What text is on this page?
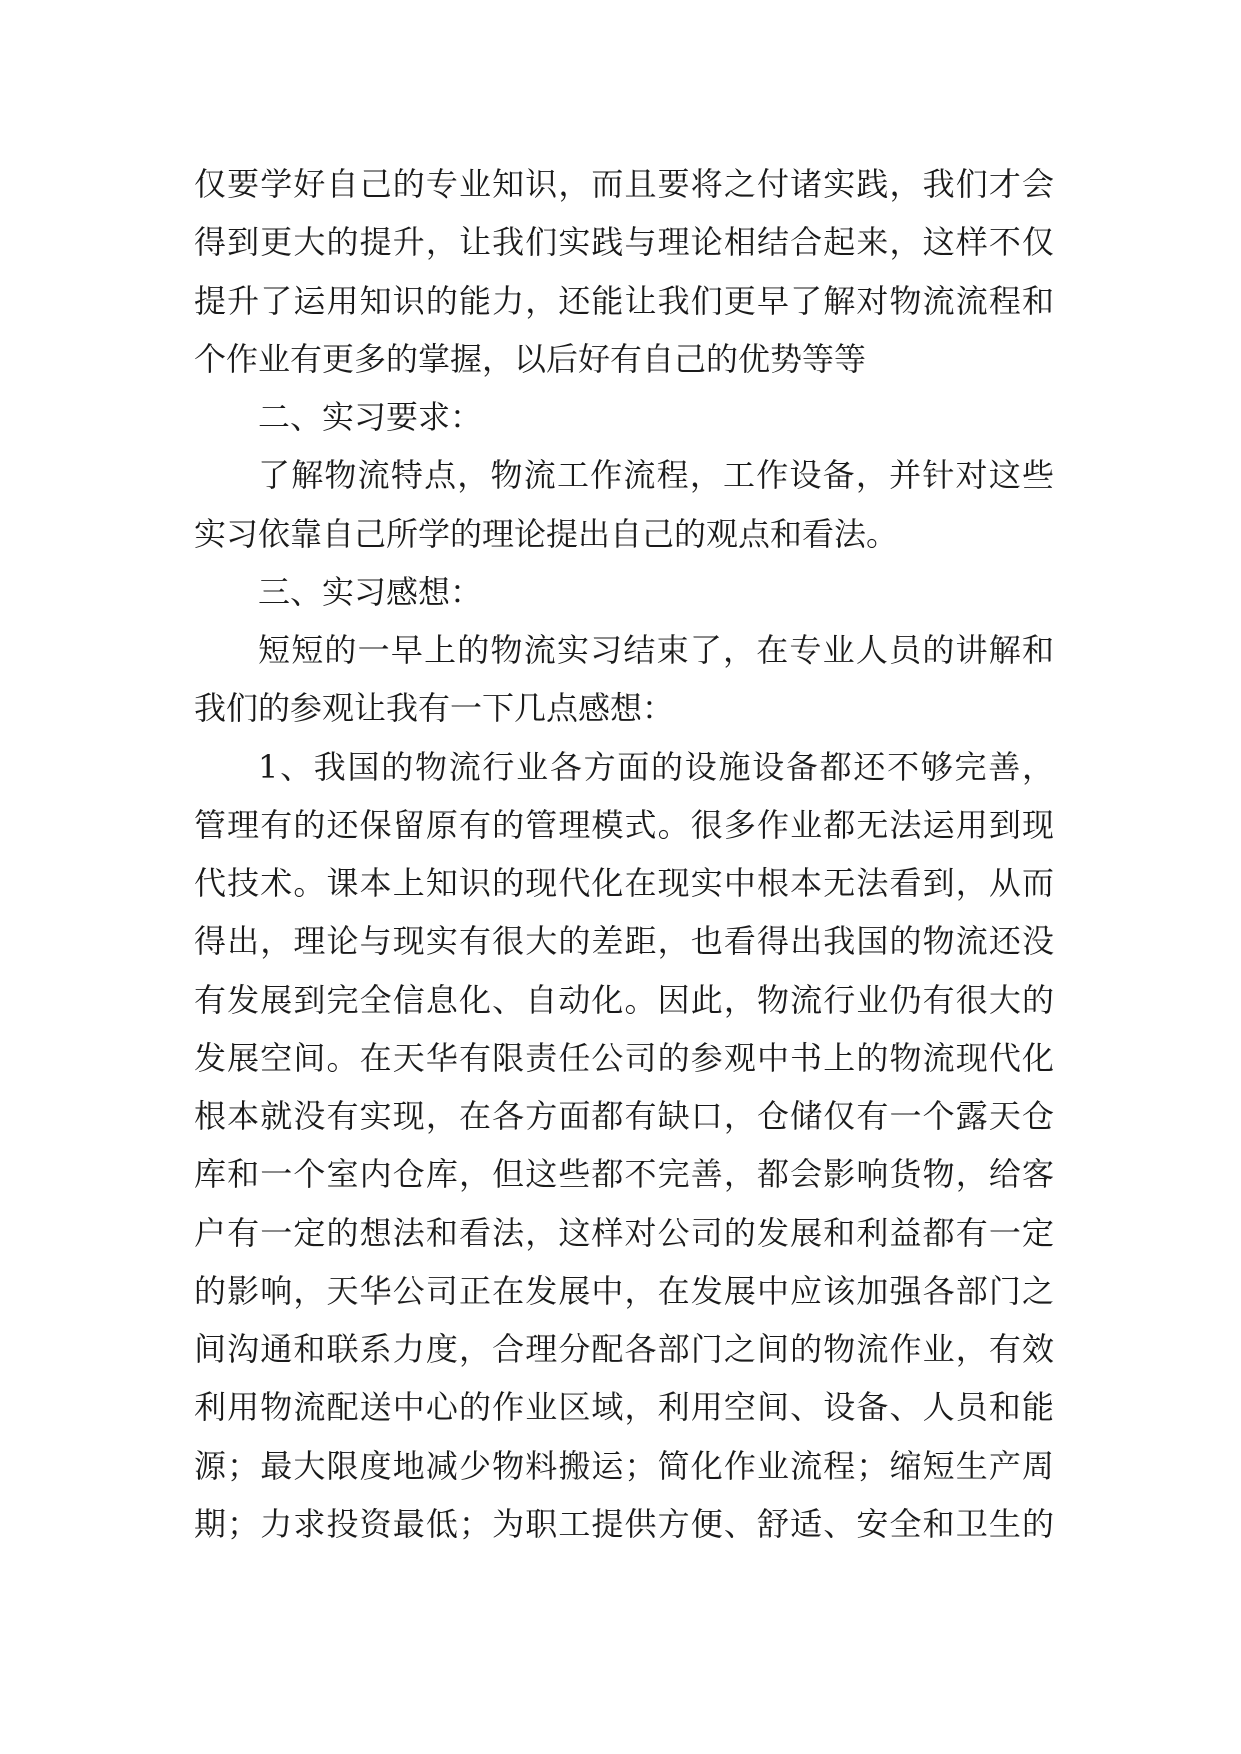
仅要学好自己的专业知识，而且要将之付诸实践，我们才会
得到更大的提升，让我们实践与理论相结合起来，这样不仅
提升了运用知识的能力，还能让我们更早了解对物流流程和
个作业有更多的掌握，以后好有自己的优势等等
二、实习要求：
了解物流特点，物流工作流程，工作设备，并针对这些
实习依靠自己所学的理论提出自己的观点和看法。
三、实习感想：
短短的一早上的物流实习结束了，在专业人员的讲解和
我们的参观让我有一下几点感想：
1、我国的物流行业各方面的设施设备都还不够完善，
管理有的还保留原有的管理模式。很多作业都无法运用到现
代技术。课本上知识的现代化在现实中根本无法看到，从而
得出，理论与现实有很大的差距，也看得出我国的物流还没
有发展到完全信息化、自动化。因此，物流行业仍有很大的
发展空间。在天华有限责任公司的参观中书上的物流现代化
根本就没有实现，在各方面都有缺口，仓储仅有一个露天仓
库和一个室内仓库，但这些都不完善，都会影响货物，给客
户有一定的想法和看法，这样对公司的发展和利益都有一定
的影响，天华公司正在发展中，在发展中应该加强各部门之
间沟通和联系力度，合理分配各部门之间的物流作业，有效
利用物流配送中心的作业区域，利用空间、设备、人员和能
源；最大限度地减少物料搬运；简化作业流程；缩短生产周
期；力求投资最低；为职工提供方便、舒适、安全和卫生的
